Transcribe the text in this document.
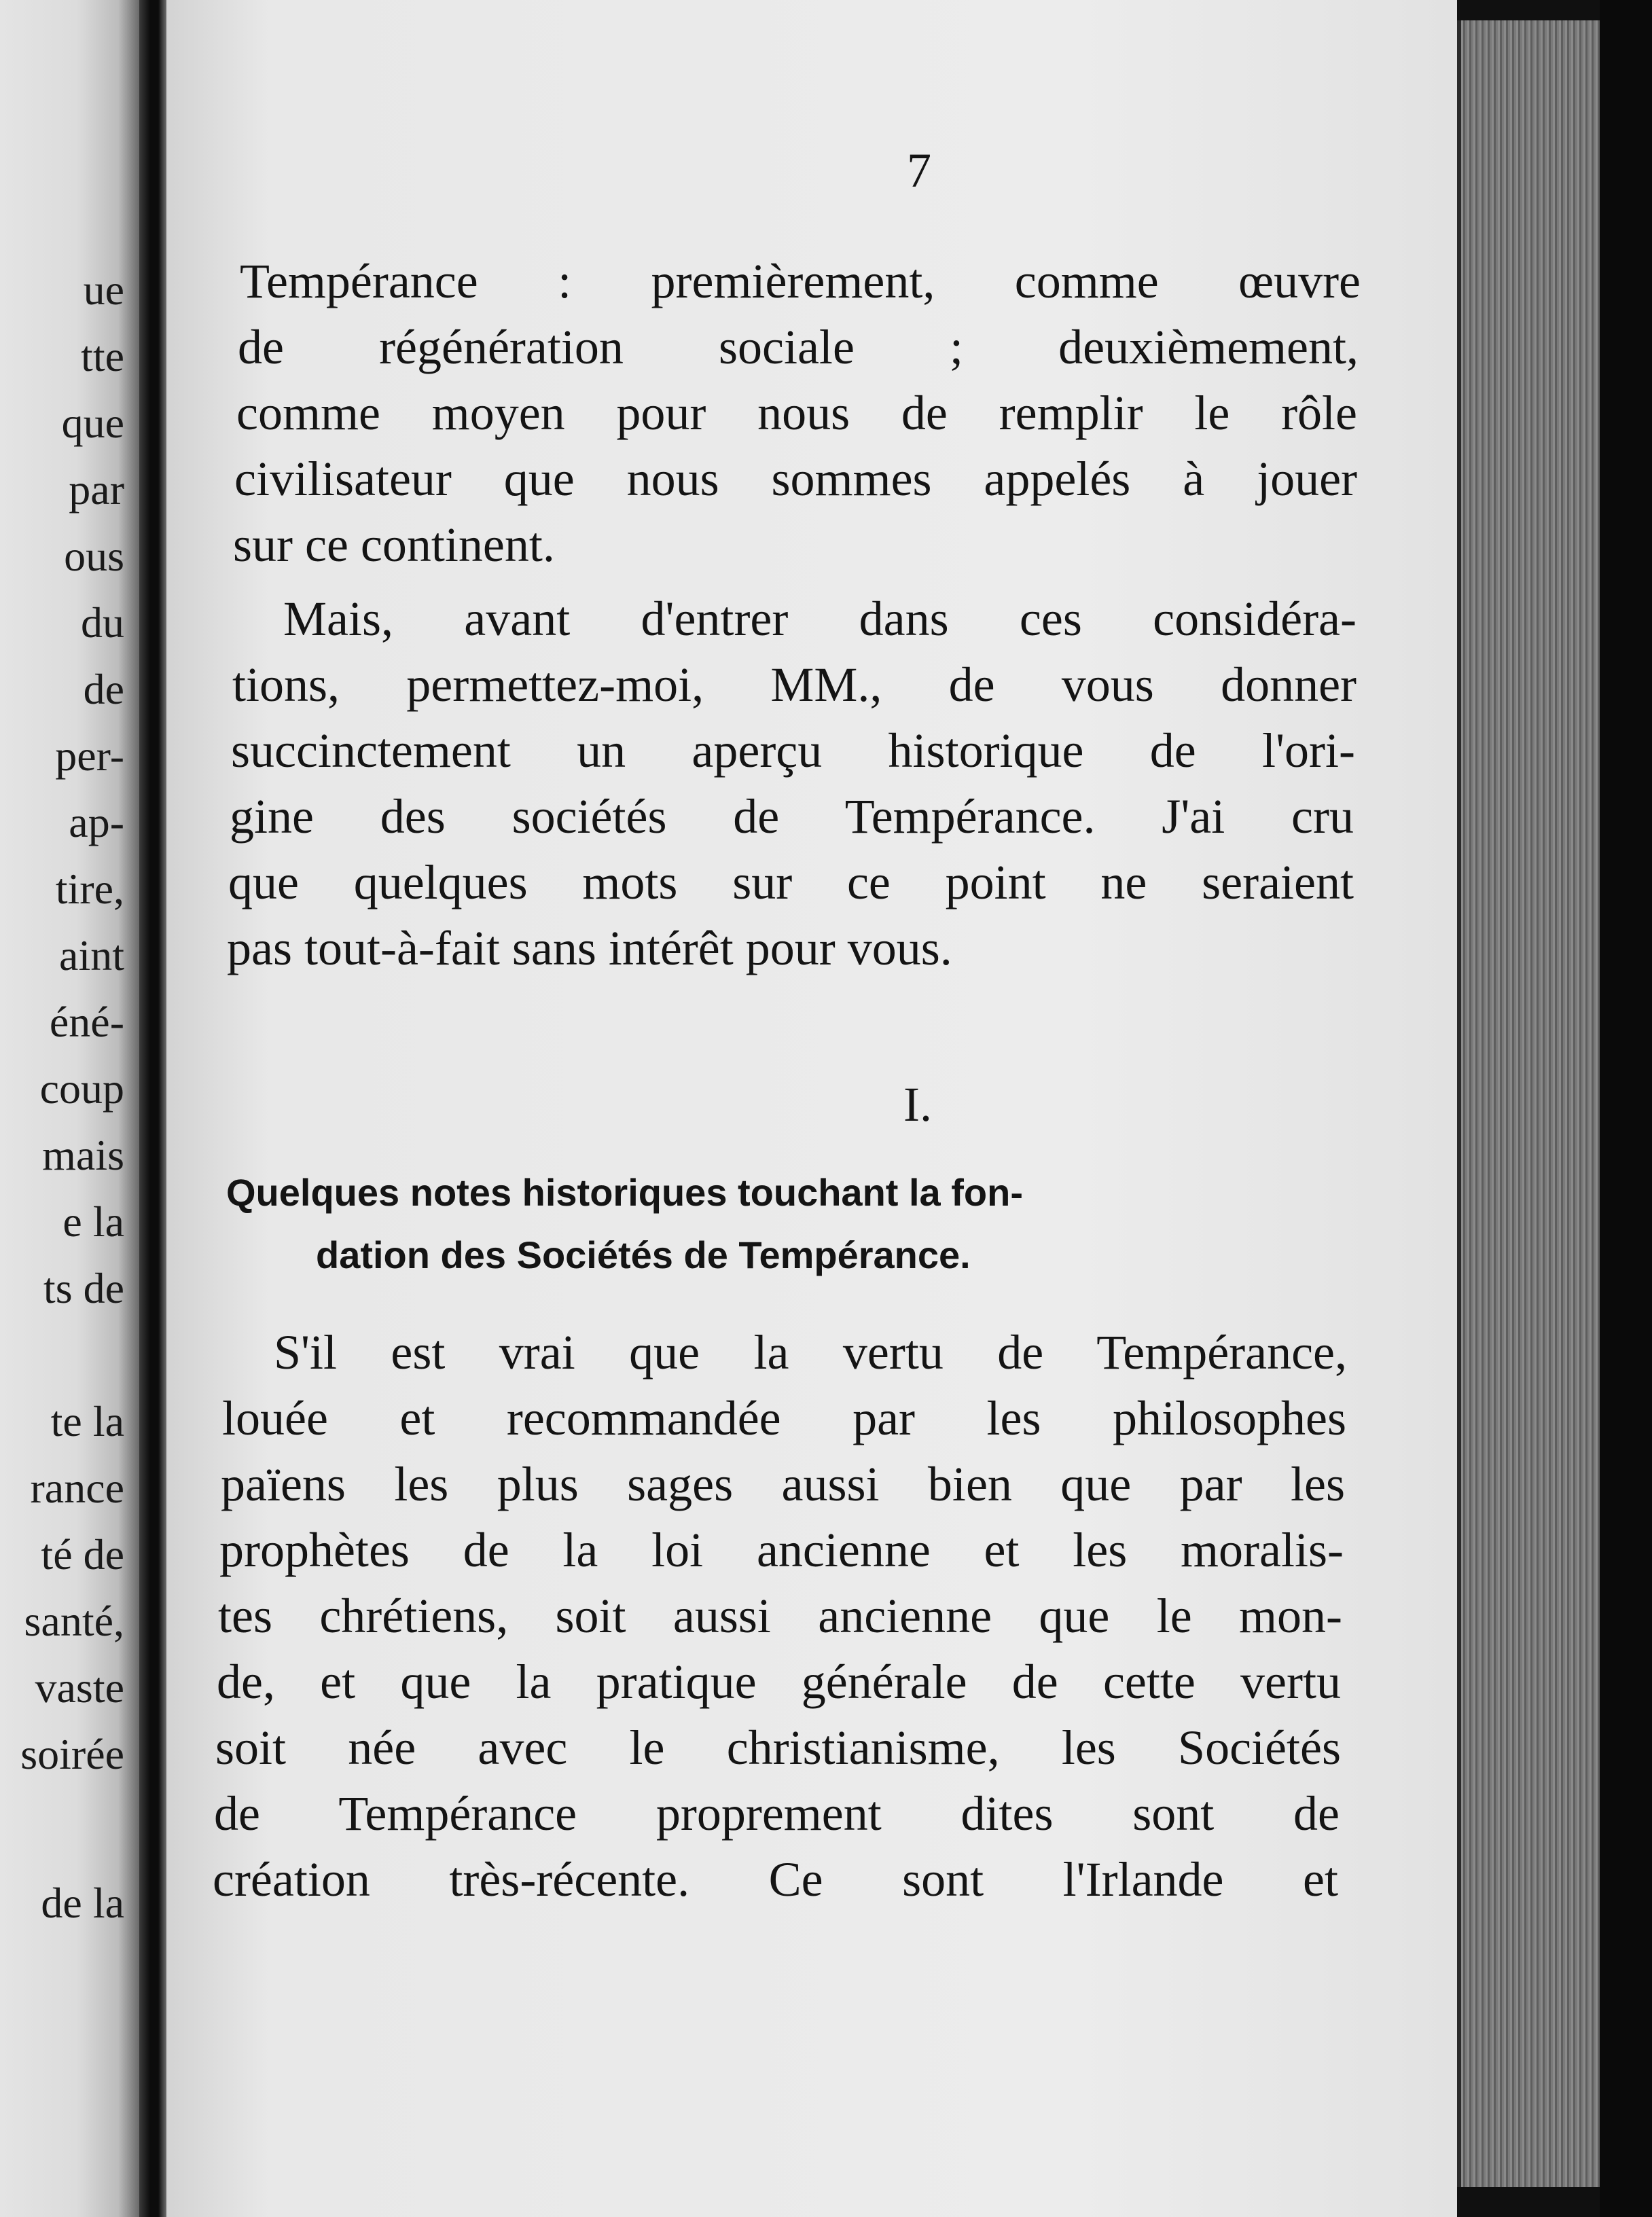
ue
tte
que
par
ous
du
de
per-
ap-
tire,
aint
éné-
coup
mais
e la
ts de
te la
rance
té de
santé,
vaste
soirée
de la
7
Tempérance : premièrement, comme œuvre
de régénération sociale ; deuxièmement,
comme moyen pour nous de remplir le rôle
civilisateur que nous sommes appelés à jouer
sur ce continent.
Mais, avant d'entrer dans ces considéra-
tions, permettez-moi, MM., de vous donner
succinctement un aperçu historique de l'ori-
gine des sociétés de Tempérance. J'ai cru
que quelques mots sur ce point ne seraient
pas tout-à-fait sans intérêt pour vous.
I.
Quelques notes historiques touchant la fon-
dation des Sociétés de Tempérance.
S'il est vrai que la vertu de Tempérance,
louée et recommandée par les philosophes
païens les plus sages aussi bien que par les
prophètes de la loi ancienne et les moralis-
tes chrétiens, soit aussi ancienne que le mon-
de, et que la pratique générale de cette vertu
soit née avec le christianisme, les Sociétés
de Tempérance proprement dites sont de
création très-récente. Ce sont l'Irlande et
